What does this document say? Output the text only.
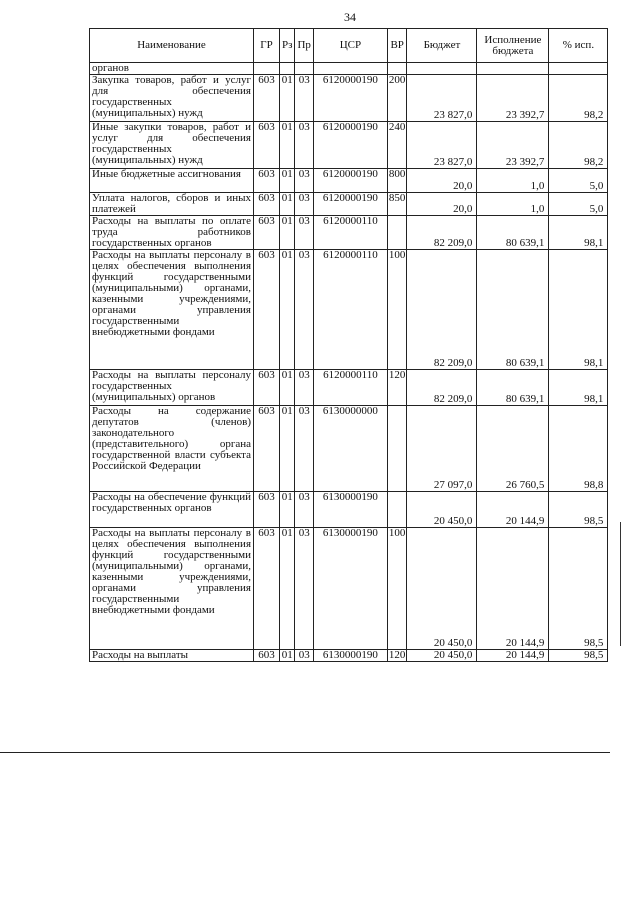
34
Наименование	ГР	Рз	Пр	ЦСР	ВР	Бюджет	Исполнение бюджета	% исп.
органов								
Закупка товаров, работ и услуг для обеспечения государственных (муниципальных) нужд	603	01	03	6120000190	200	23 827,0	23 392,7	98,2
Иные закупки товаров, работ и услуг для обеспечения государственных (муниципальных) нужд	603	01	03	6120000190	240	23 827,0	23 392,7	98,2
Иные бюджетные ассигнования	603	01	03	6120000190	800	20,0	1,0	5,0
Уплата налогов, сборов и иных платежей	603	01	03	6120000190	850	20,0	1,0	5,0
Расходы на выплаты по оплате труда работников государственных органов	603	01	03	6120000110		82 209,0	80 639,1	98,1
Расходы на выплаты персоналу в целях обеспечения выполнения функций государственными (муниципальными) органами, казенными учреждениями, органами управления государственными внебюджетными фондами	603	01	03	6120000110	100	82 209,0	80 639,1	98,1
Расходы на выплаты персоналу государственных (муниципальных) органов	603	01	03	6120000110	120	82 209,0	80 639,1	98,1
Расходы на содержание депутатов (членов) законодательного (представительного) органа государственной власти субъекта Российской Федерации	603	01	03	6130000000		27 097,0	26 760,5	98,8
Расходы на обеспечение функций государственных органов	603	01	03	6130000190		20 450,0	20 144,9	98,5
Расходы на выплаты персоналу в целях обеспечения выполнения функций государственными (муниципальными) органами, казенными учреждениями, органами управления государственными внебюджетными фондами	603	01	03	6130000190	100	20 450,0	20 144,9	98,5
Расходы на выплаты	603	01	03	6130000190	120	20 450,0	20 144,9	98,5
